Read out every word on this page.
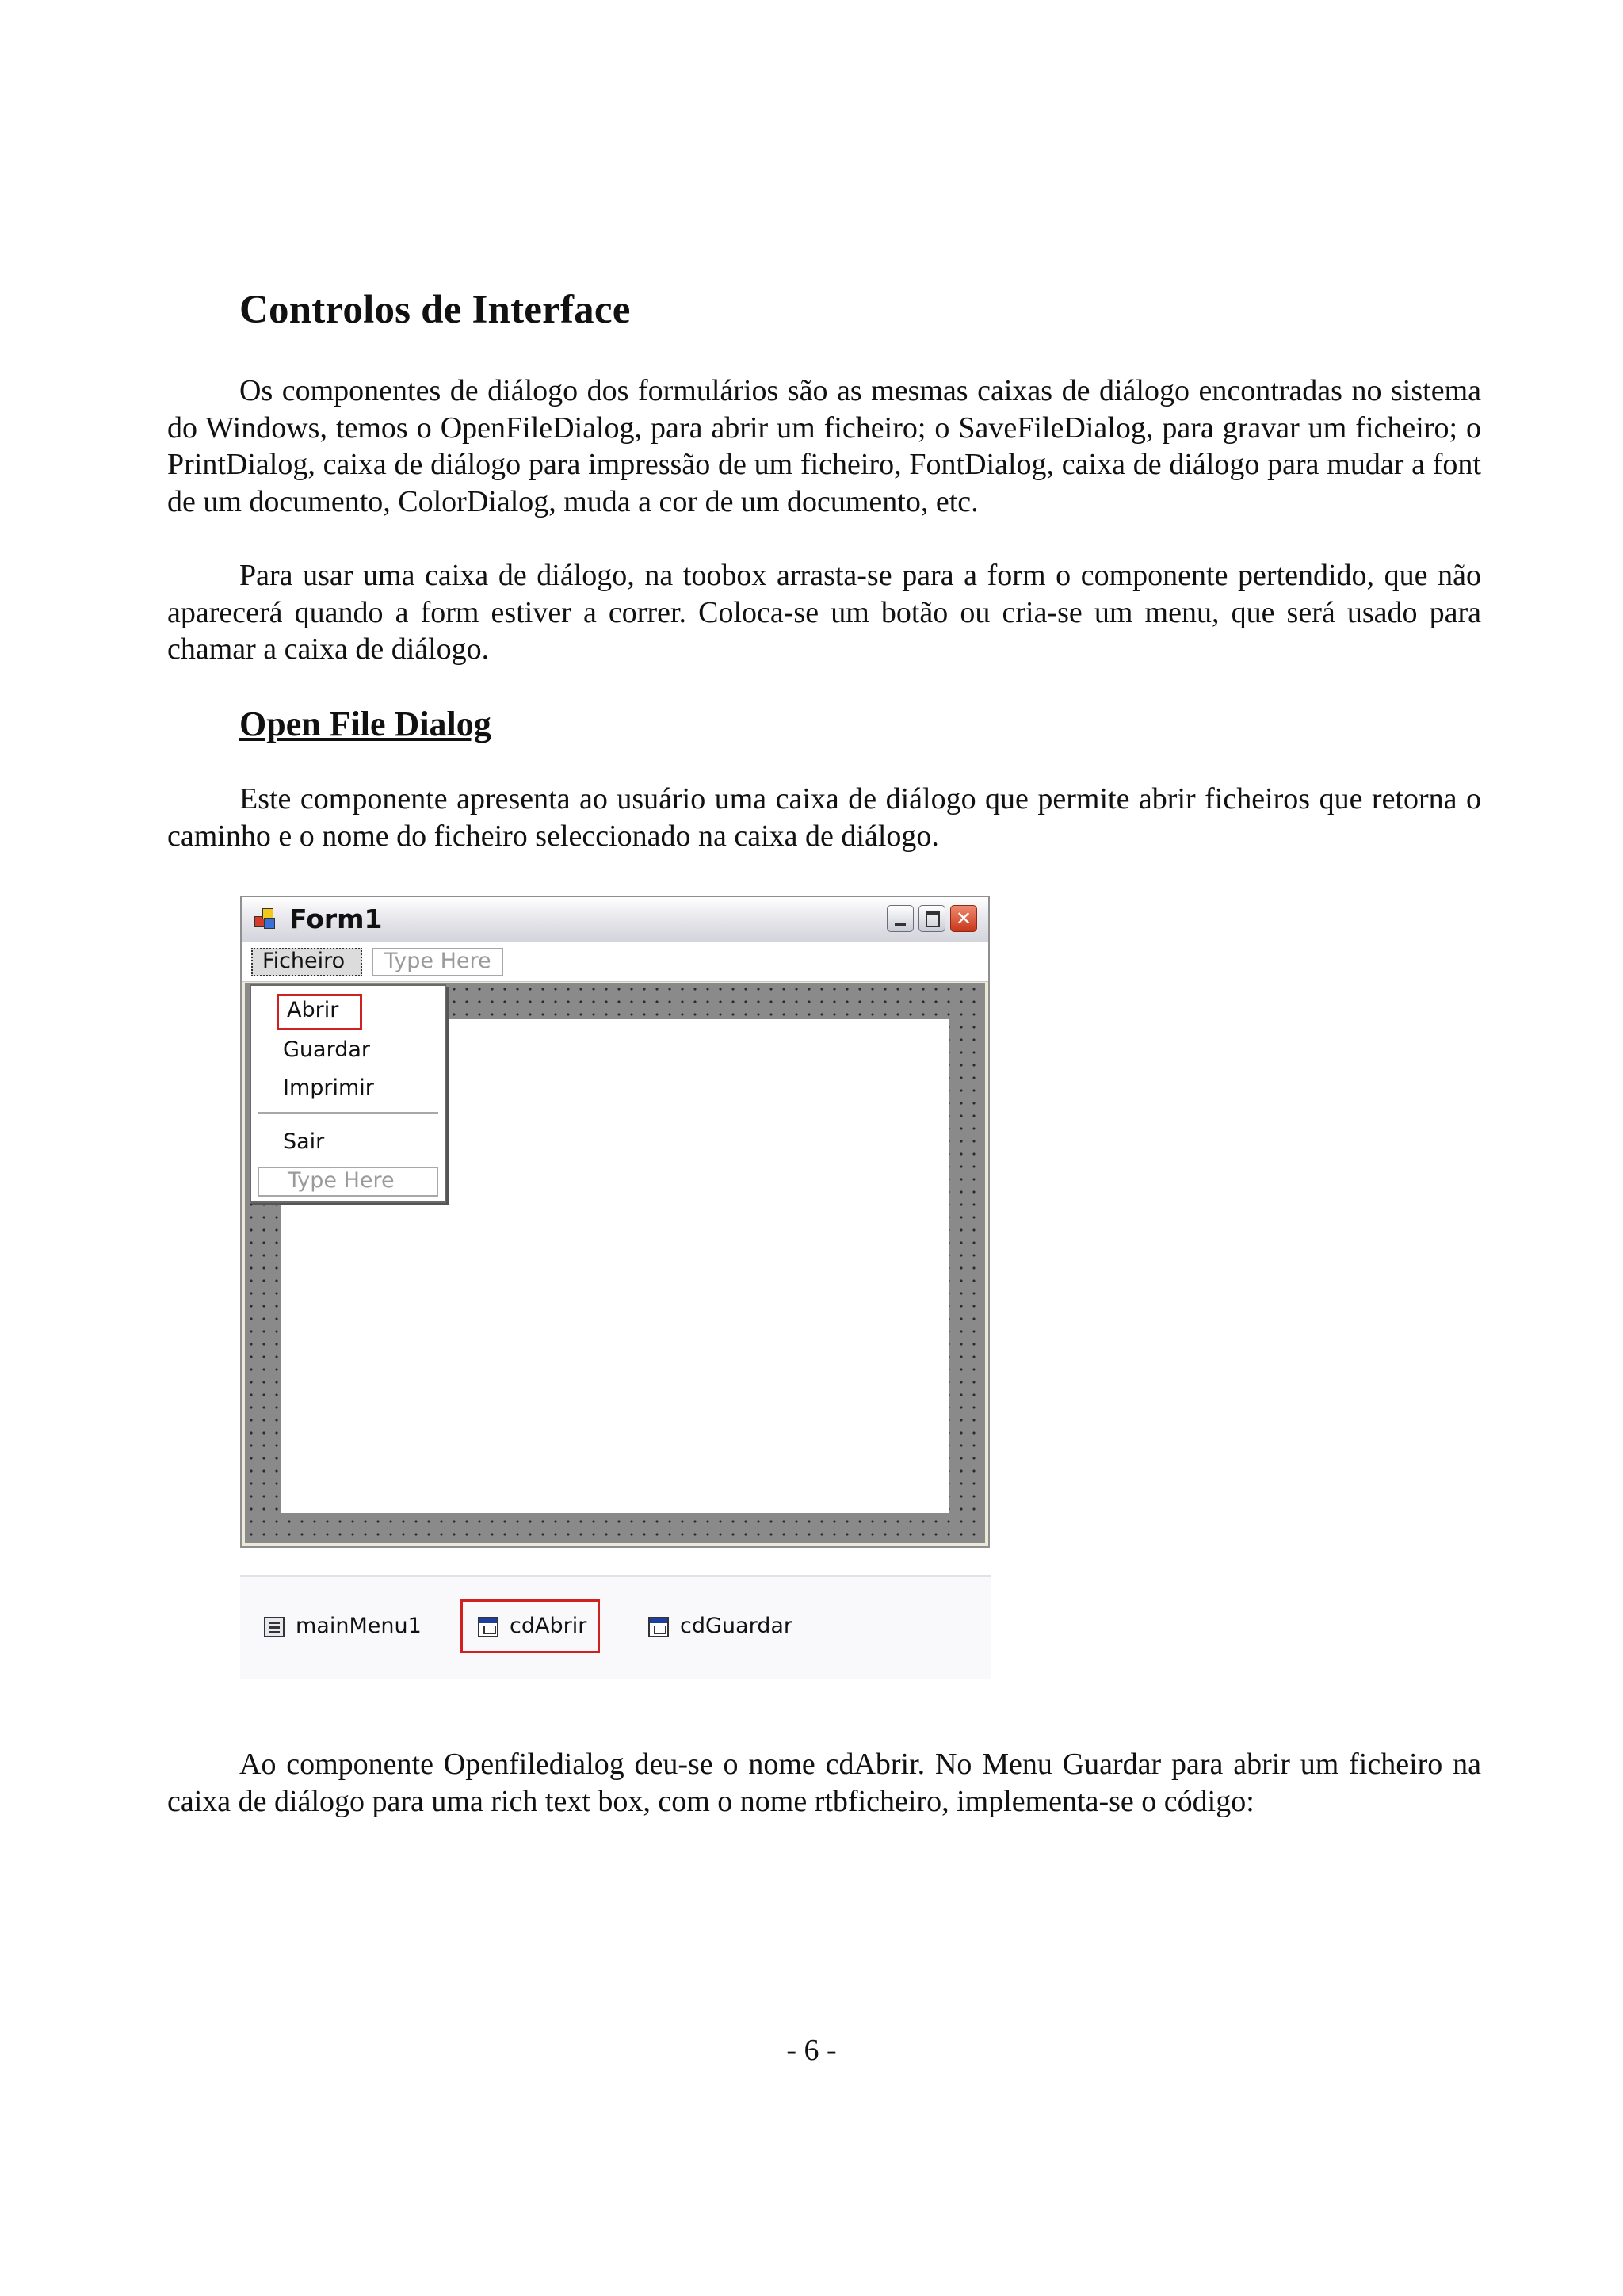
Controlos de Interface

Os componentes de diálogo dos formulários são as mesmas caixas de diálogo encontradas no sistema do Windows, temos o OpenFileDialog, para abrir um ficheiro; o SaveFileDialog, para gravar um ficheiro; o PrintDialog, caixa de diálogo para impressão de um ficheiro, FontDialog, caixa de diálogo para mudar a font de um documento, ColorDialog, muda a cor de um documento, etc.

Para usar uma caixa de diálogo, na toobox arrasta-se para a form o componente pertendido, que não aparecerá quando a form estiver a correr. Coloca-se um botão ou cria-se um menu, que será usado para chamar a caixa de diálogo.

Open File Dialog

Este componente apresenta ao usuário uma caixa de diálogo que permite abrir ficheiros que retorna o caminho e o nome do ficheiro seleccionado na caixa de diálogo.

Form1	✕
Ficheiro	Type Here
Abrir
Guardar
Imprimir
Sair
Type Here
mainMenu1	cdAbrir	cdGuardar

Ao componente Openfiledialog deu-se o nome cdAbrir. No Menu Guardar para abrir um ficheiro na caixa de diálogo para uma rich text box, com o nome rtbficheiro, implementa-se o código:

- 6 -
